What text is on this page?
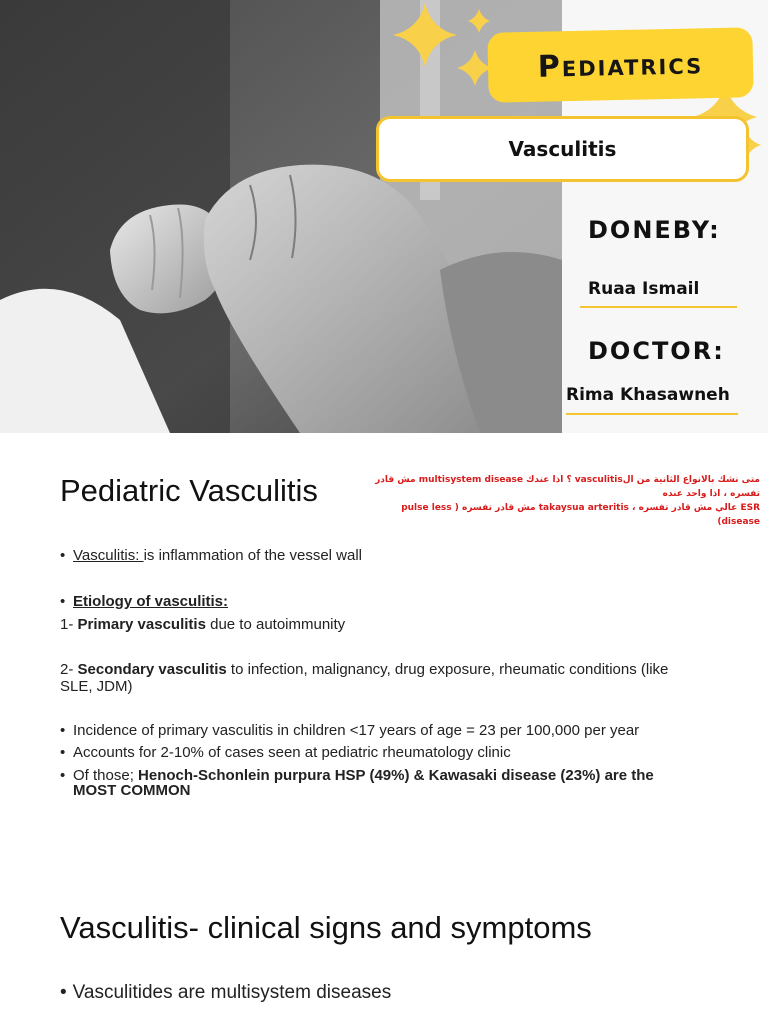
Pediatrics
Vasculitis
DONEBY:
Ruaa Ismail
DOCTOR:
Rima Khasawneh
Pediatric Vasculitis	متى نشك بالانواع الثانية من الvasculitis ؟ اذا عندك multisystem disease مش قادر تفسره ، اذا واحد عنده
ESR عالي مش قادر تفسره ، takaysua arteritis مش قادر تفسره ( pulse less disease)
Vasculitis: is inflammation of the vessel wall
Etiology of vasculitis:
1- Primary vasculitis due to autoimmunity
2- Secondary vasculitis to infection, malignancy, drug exposure, rheumatic conditions (like
SLE, JDM)
Incidence of primary vasculitis in children <17 years of age = 23 per 100,000 per year
Accounts for 2-10% of cases seen at pediatric rheumatology clinic
Of those; Henoch-Schonlein purpura HSP (49%) & Kawasaki disease (23%) are the
MOST COMMON
Vasculitis- clinical signs and symptoms
• Vasculitides are multisystem diseases
